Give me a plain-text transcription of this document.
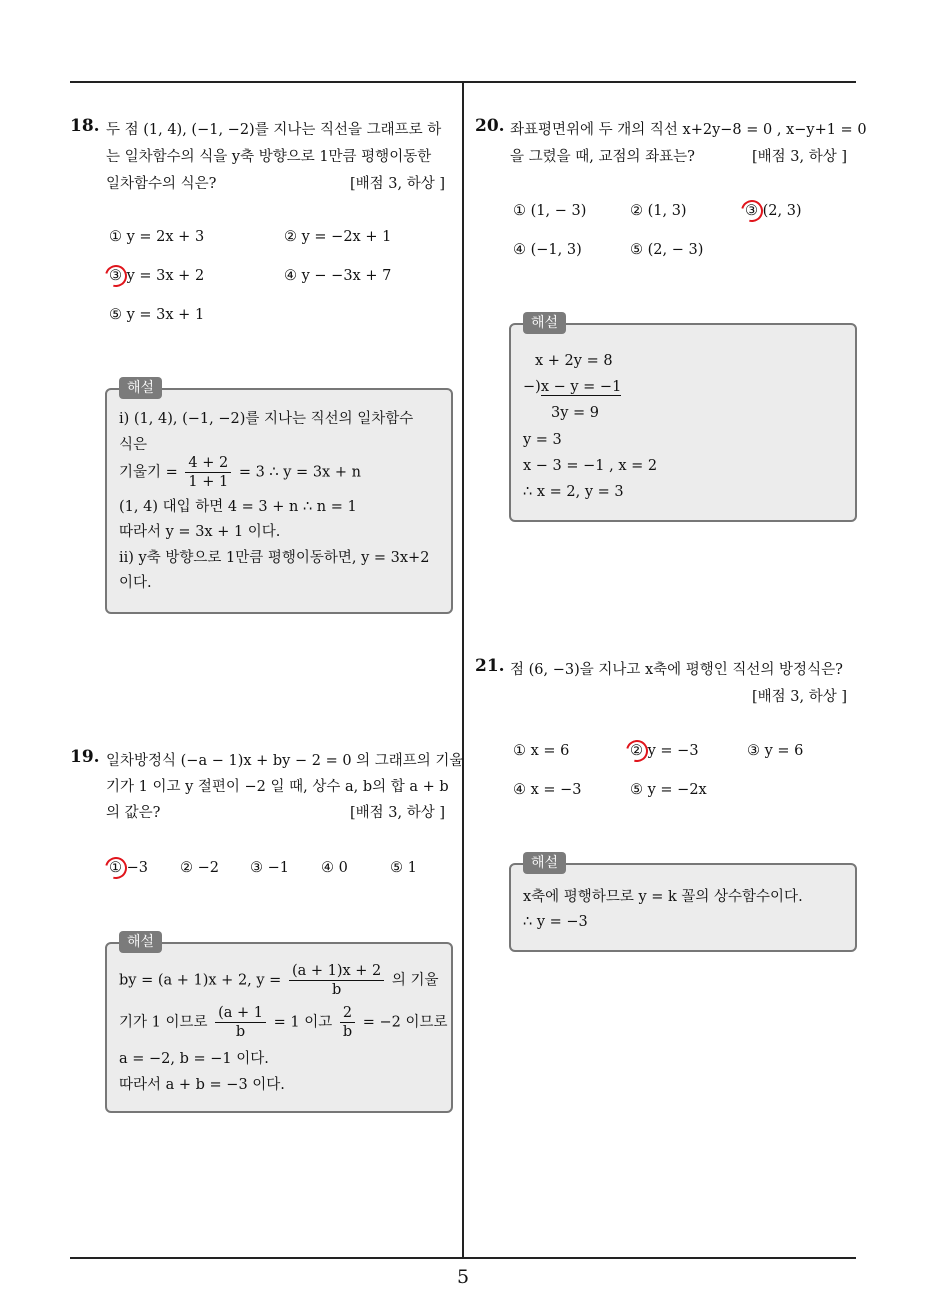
5
18. 두 점 (1, 4), (−1, −2)를 지나는 직선을 그래프로 하
는 일차함수의 식을 y축 방향으로 1만큼 평행이동한
일차함수의 식은?	[배점 3, 하상 ]
① y = 2x + 3	② y = −2x + 1
③ y = 3x + 2	④ y − −3x + 7
⑤ y = 3x + 1
해설
ⅰ) (1, 4), (−1, −2)를 지나는 직선의 일차함수
식은
기울기 = $\frac{4 + 2}{1 + 1} = 3$ ∴ y = 3x + n
(1, 4) 대입 하면 4 = 3 + n ∴ n = 1
따라서 y = 3x + 1 이다.
ⅱ) y축 방향으로 1만큼 평행이동하면, y = 3x+2
이다.
19. 일차방정식 (−a − 1)x + by − 2 = 0 의 그래프의 기울
기가 1 이고 y 절편이 −2 일 때, 상수 a, b의 합 a + b
의 값은?	[배점 3, 하상 ]
① −3 ② −2 ③ −1 ④ 0	⑤ 1
해설
by = (a + 1)x + 2, $y = \frac{(a + 1)x + 2}{b}$ 의 기울
기가 1 이므로 $\frac{(a + 1}{b} = 1$ 이고 $\frac{2}{b} = -2$ 이므로
a = −2, b = −1 이다.
따라서 a + b = −3 이다.
20. 좌표평면위에 두 개의 직선 x+2y−8 = 0 , x−y+1 = 0
을 그렸을 때, 교점의 좌표는?	[배점 3, 하상 ]
① (1, − 3)	② (1, 3)	③ (2, 3)
④ (−1, 3)	⑤ (2, − 3)
해설
x + 2y = 8
−)x − y = −1
3y = 9
y = 3
x − 3 = −1 , x = 2
∴ x = 2, y = 3
21. 점 (6, −3)을 지나고 x축에 평행인 직선의 방정식은?
[배점 3, 하상 ]
① x = 6	② y = −3	③ y = 6
④ x = −3	⑤ y = −2x
해설
x축에 평행하므로 y = k 꼴의 상수함수이다.
∴ y = −3
